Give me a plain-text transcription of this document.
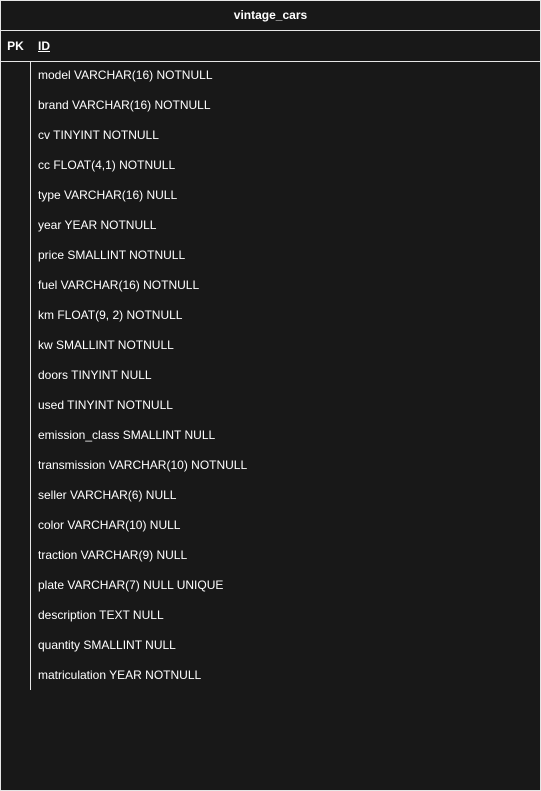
vintage_cars
PK	ID
model VARCHAR(16) NOTNULL
brand VARCHAR(16) NOTNULL
cv TINYINT NOTNULL
cc FLOAT(4,1) NOTNULL
type VARCHAR(16) NULL
year YEAR NOTNULL
price SMALLINT NOTNULL
fuel VARCHAR(16) NOTNULL
km FLOAT(9, 2) NOTNULL
kw SMALLINT NOTNULL
doors TINYINT NULL
used TINYINT NOTNULL
emission_class SMALLINT NULL
transmission VARCHAR(10) NOTNULL
seller VARCHAR(6) NULL
color VARCHAR(10) NULL
traction VARCHAR(9) NULL
plate VARCHAR(7) NULL UNIQUE
description TEXT NULL
quantity SMALLINT NULL
matriculation YEAR NOTNULL
